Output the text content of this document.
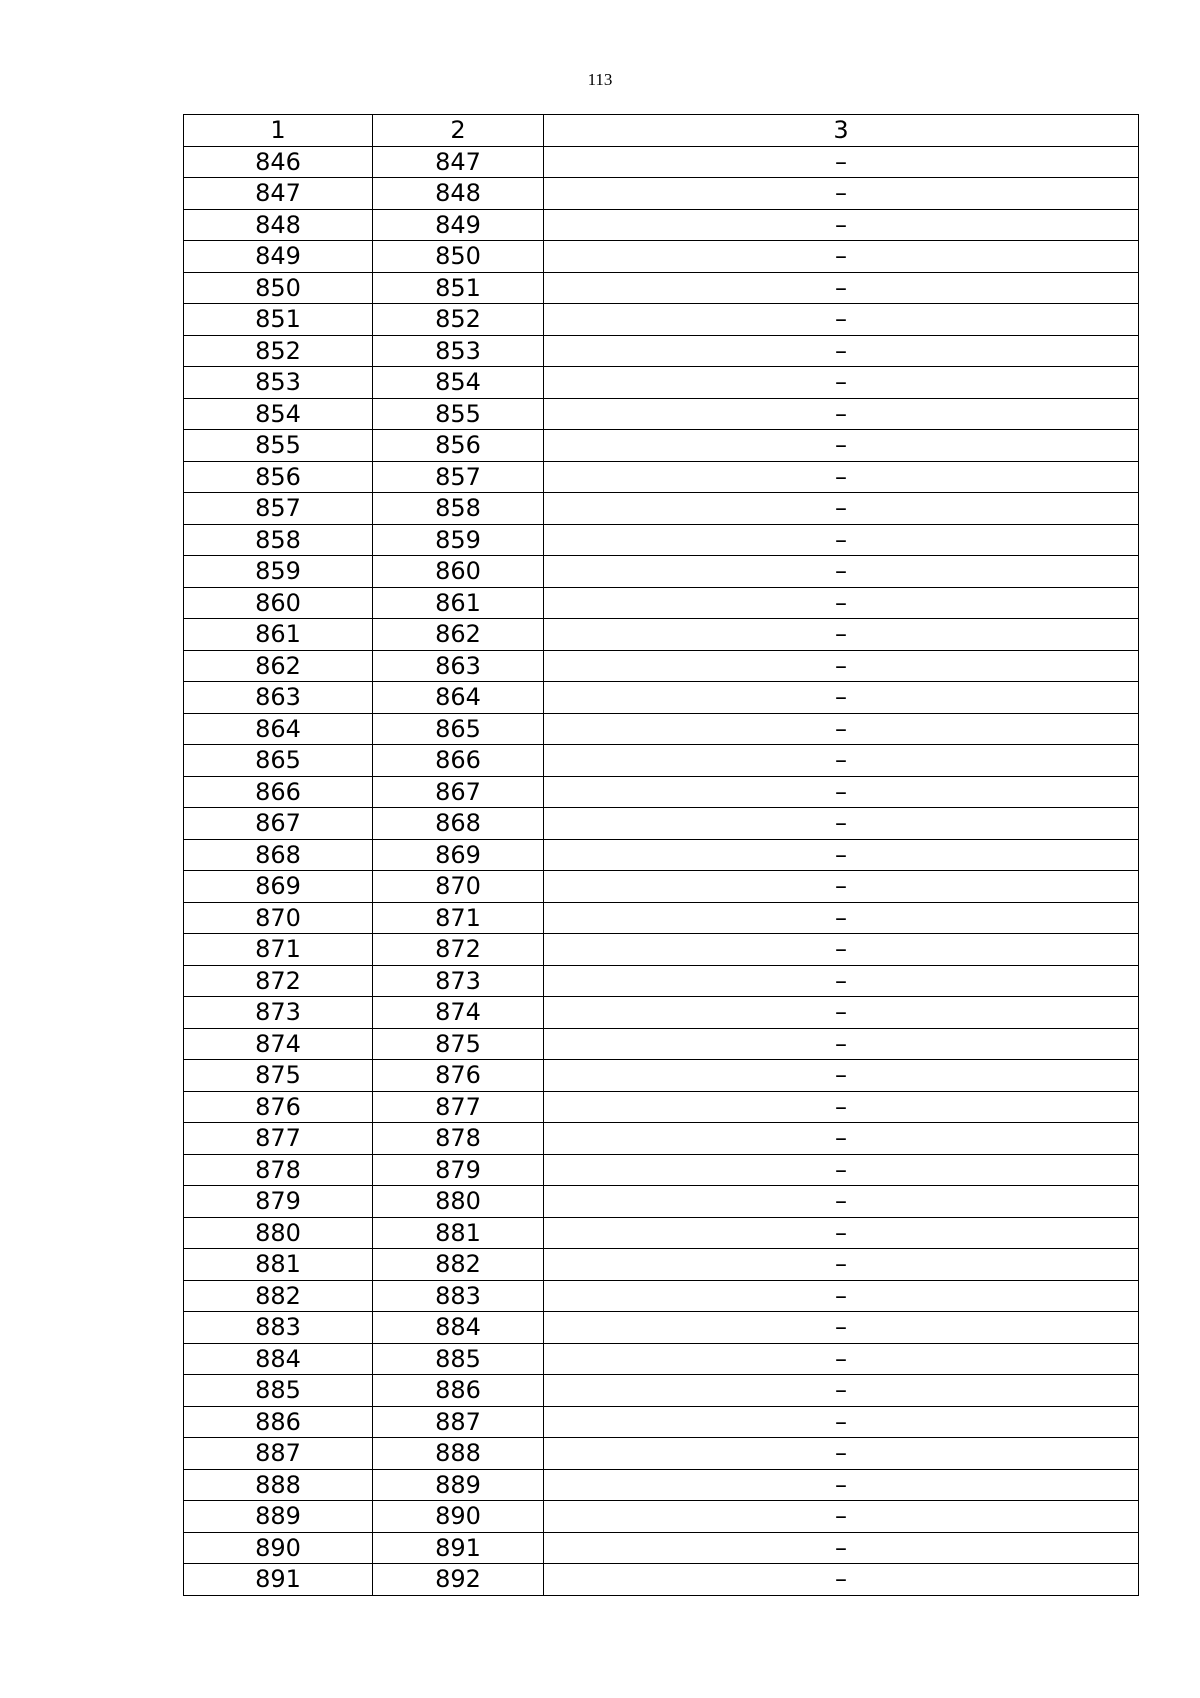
113
1	2	3
846	847	–
847	848	–
848	849	–
849	850	–
850	851	–
851	852	–
852	853	–
853	854	–
854	855	–
855	856	–
856	857	–
857	858	–
858	859	–
859	860	–
860	861	–
861	862	–
862	863	–
863	864	–
864	865	–
865	866	–
866	867	–
867	868	–
868	869	–
869	870	–
870	871	–
871	872	–
872	873	–
873	874	–
874	875	–
875	876	–
876	877	–
877	878	–
878	879	–
879	880	–
880	881	–
881	882	–
882	883	–
883	884	–
884	885	–
885	886	–
886	887	–
887	888	–
888	889	–
889	890	–
890	891	–
891	892	–
